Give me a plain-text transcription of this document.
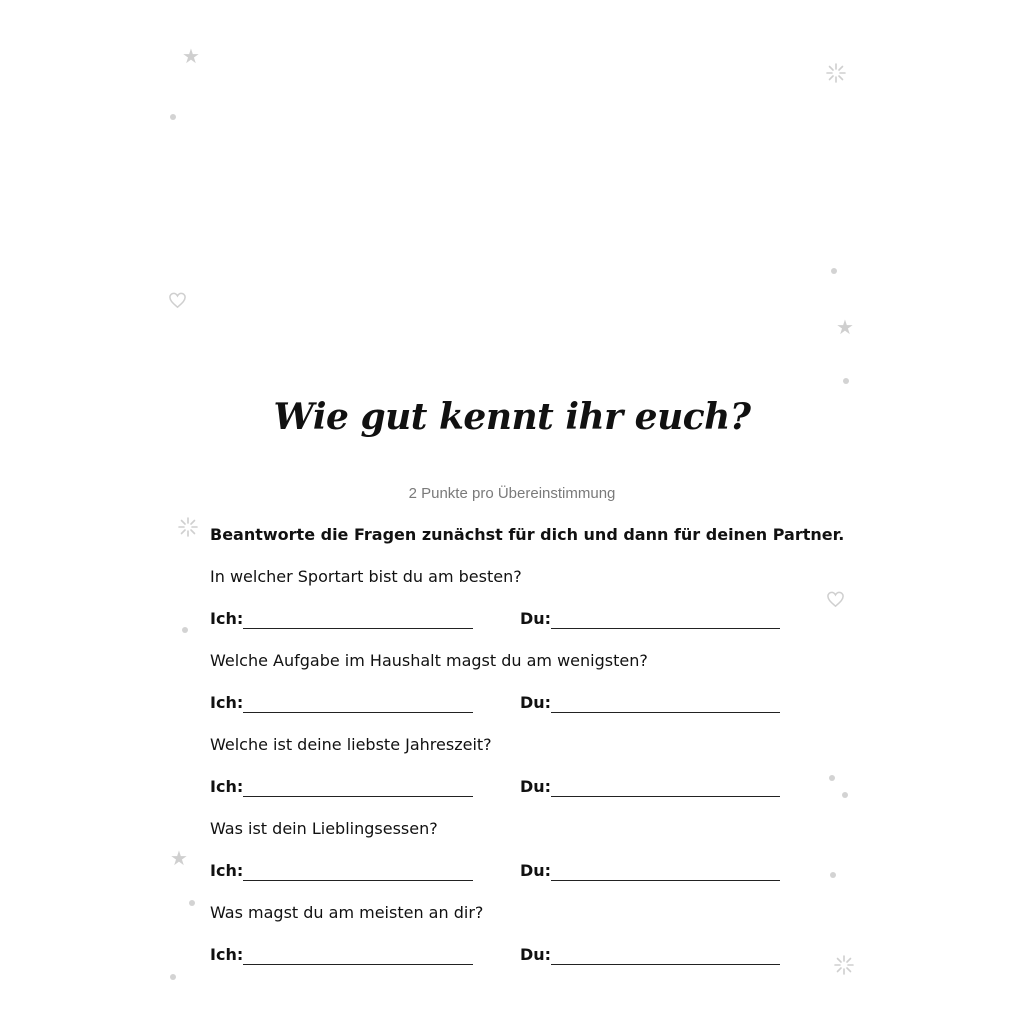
★
★
★
Wie gut kennt ihr euch?
2 Punkte pro Übereinstimmung
Beantworte die Fragen zunächst für dich und dann für deinen Partner.
In welcher Sportart bist du am besten?
Ich:	Du:
Welche Aufgabe im Haushalt magst du am wenigsten?
Ich:	Du:
Welche ist deine liebste Jahreszeit?
Ich:	Du:
Was ist dein Lieblingsessen?
Ich:	Du:
Was magst du am meisten an dir?
Ich:	Du:
